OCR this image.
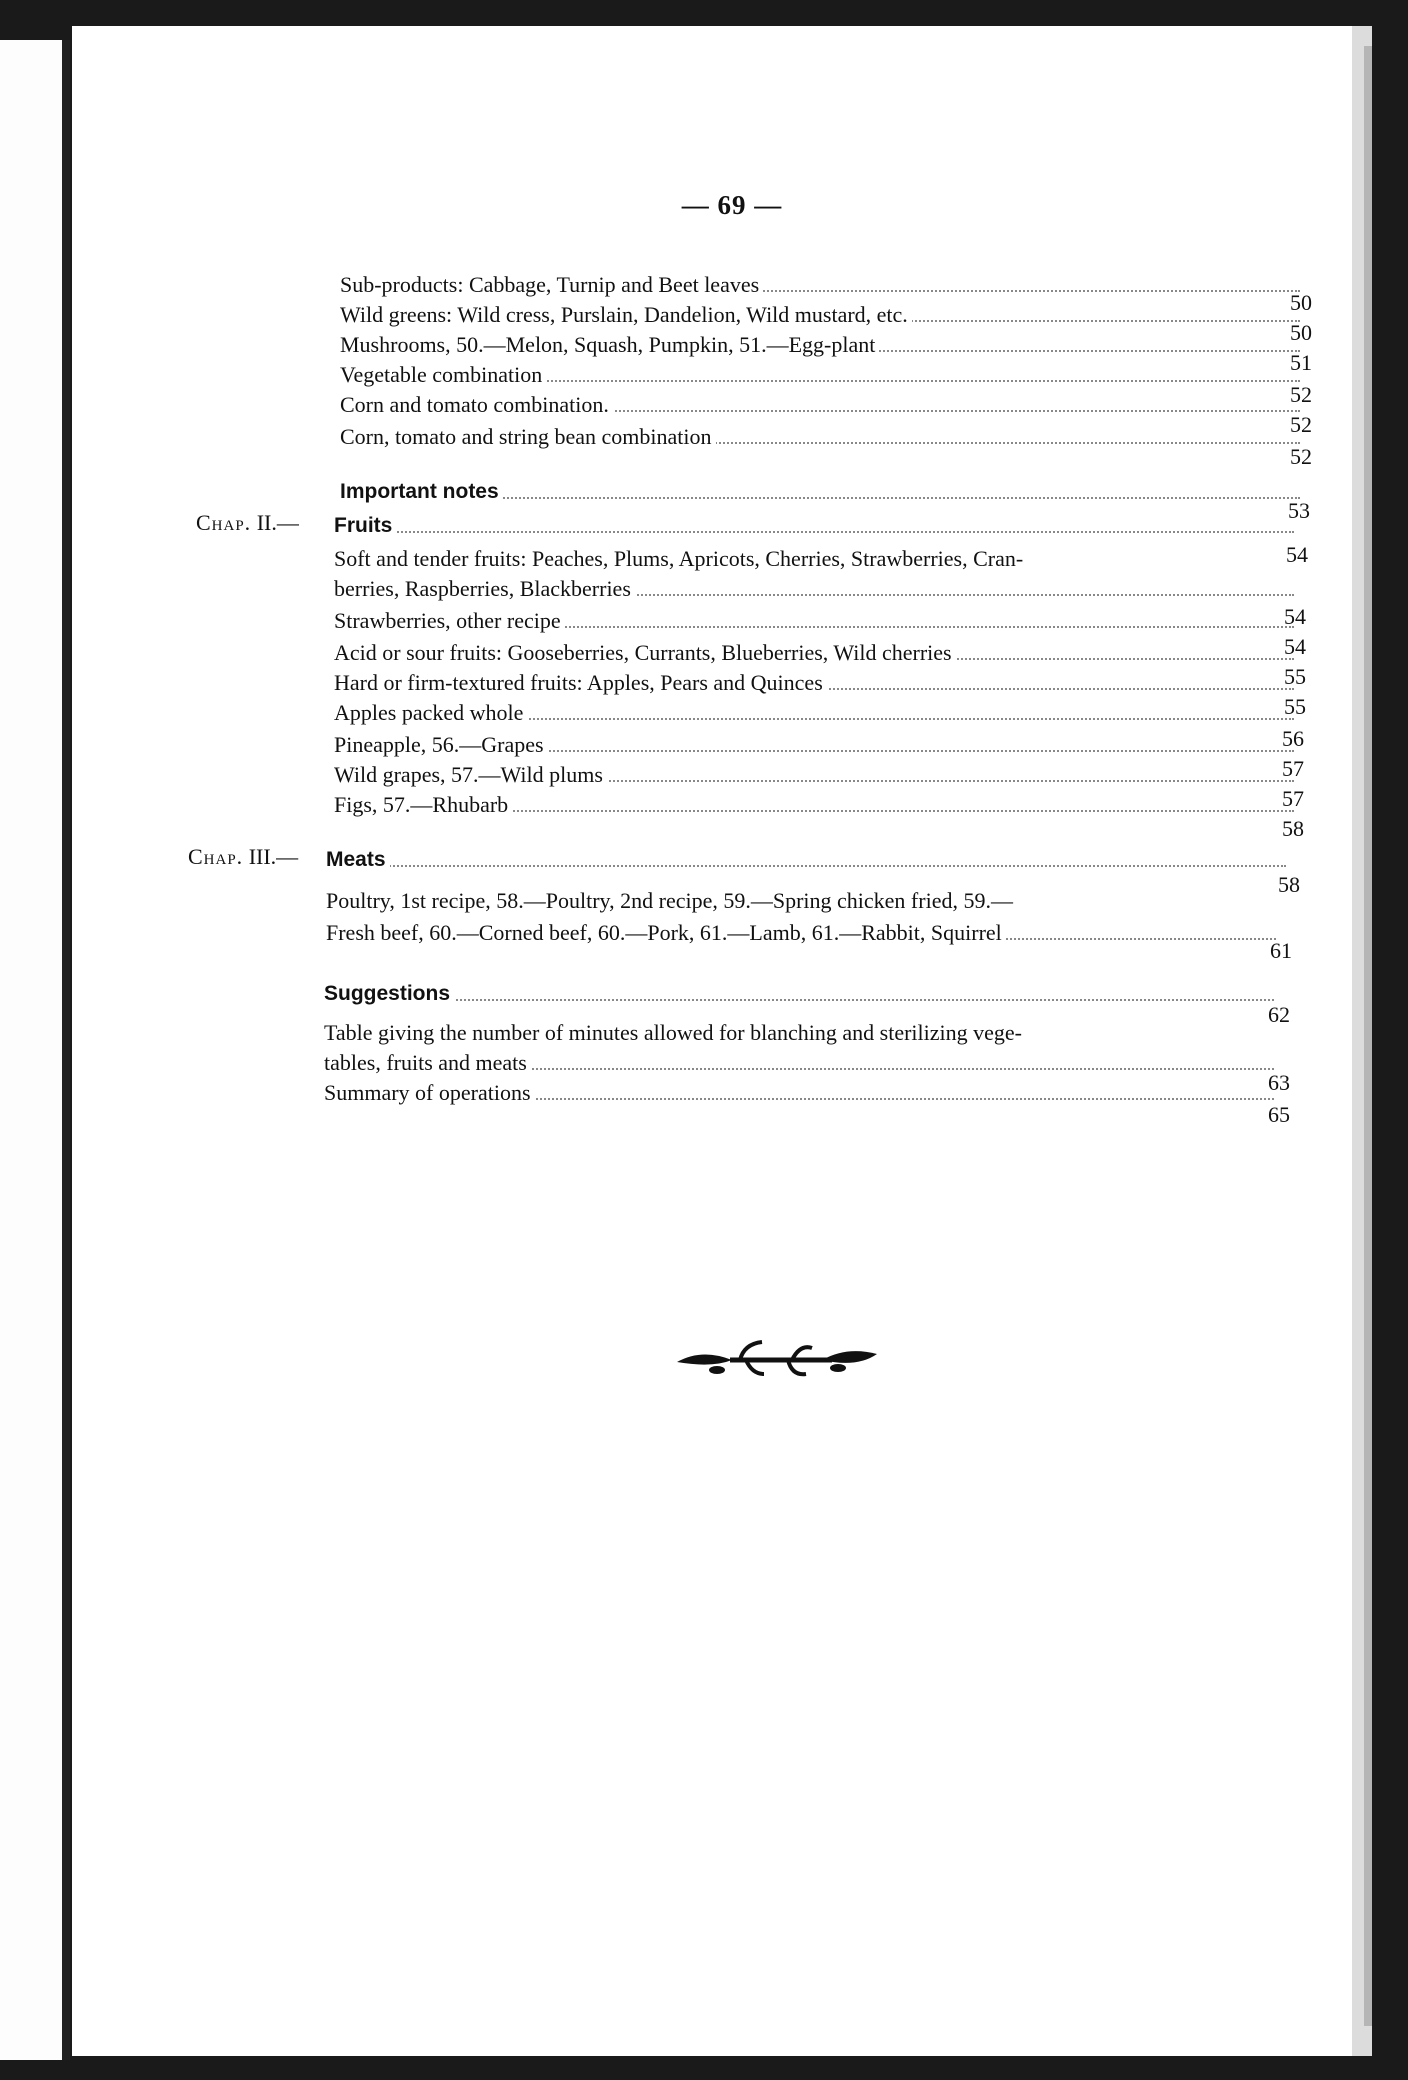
— 69 —
Sub-products: Cabbage, Turnip and Beet leaves
50
Wild greens: Wild cress, Purslain, Dandelion, Wild mustard, etc.
50
Mushrooms, 50.—Melon, Squash, Pumpkin, 51.—Egg-plant
51
Vegetable combination
52
Corn and tomato combination.
52
Corn, tomato and string bean combination
52
Important notes
53
Chap. II.— Fruits
54
Soft and tender fruits: Peaches, Plums, Apricots, Cherries, Strawberries, Cran-
berries, Raspberries, Blackberries
54
Strawberries, other recipe
54
Acid or sour fruits: Gooseberries, Currants, Blueberries, Wild cherries
55
Hard or firm-textured fruits: Apples, Pears and Quinces
55
Apples packed whole
56
Pineapple, 56.—Grapes
57
Wild grapes, 57.—Wild plums
57
Figs, 57.—Rhubarb
58
Chap. III.— Meats
58
Poultry, 1st recipe, 58.—Poultry, 2nd recipe, 59.—Spring chicken fried, 59.—
Fresh beef, 60.—Corned beef, 60.—Pork, 61.—Lamb, 61.—Rabbit, Squirrel
61
Suggestions
62
Table giving the number of minutes allowed for blanching and sterilizing vege-
tables, fruits and meats
63
Summary of operations
65
